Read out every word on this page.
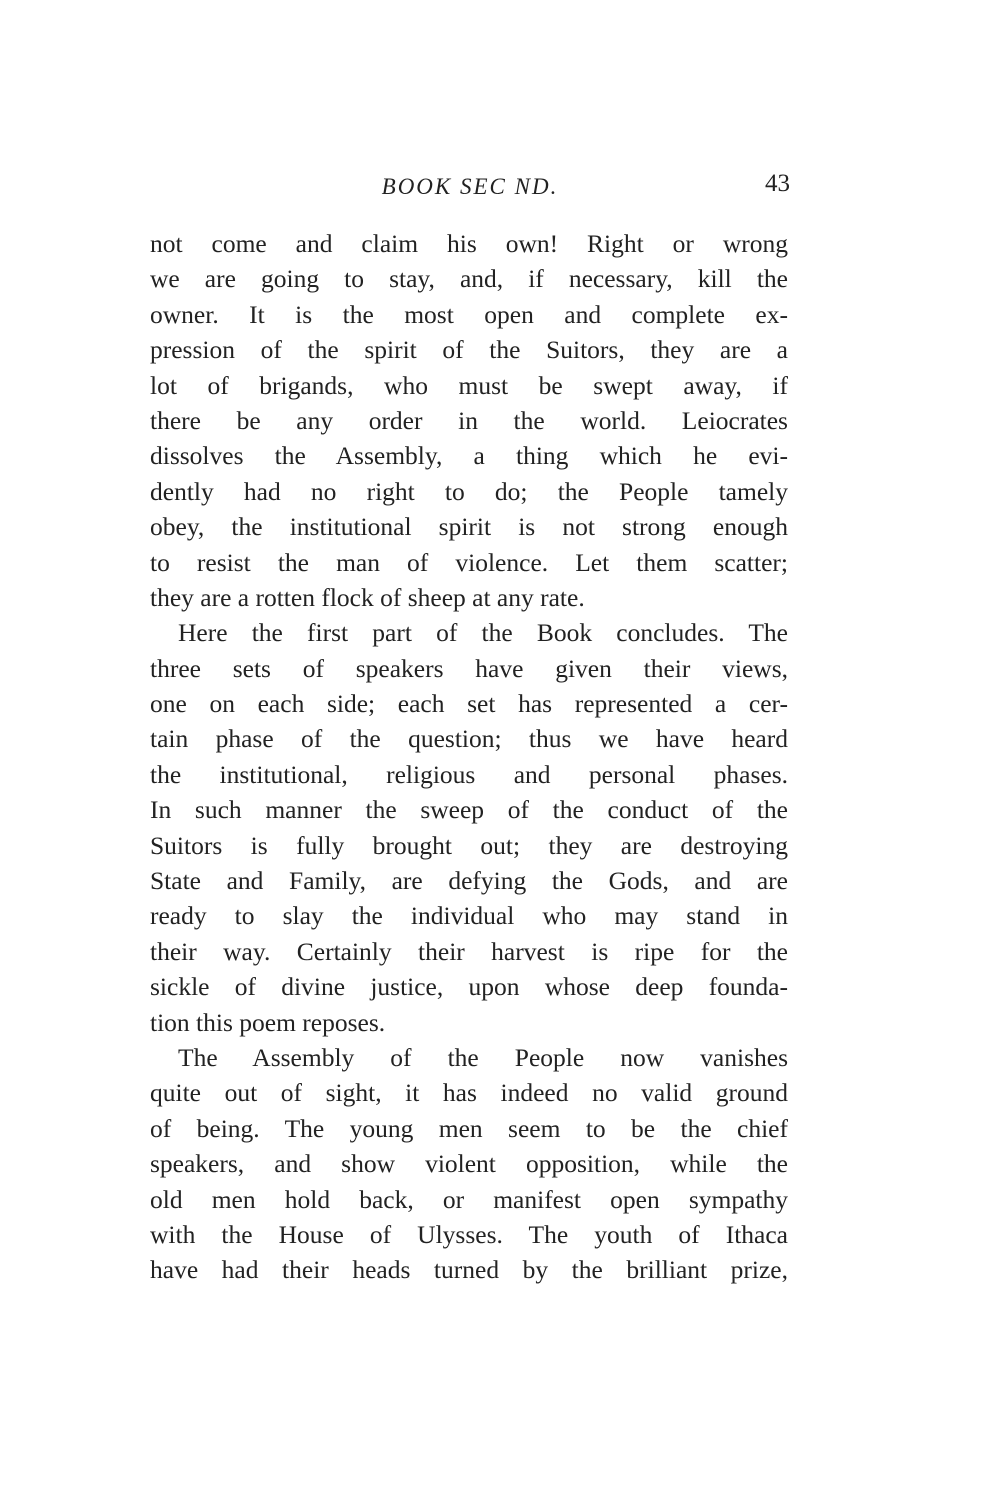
BOOK SEC ND.	43
not come and claim his own! Right or wrong
we are going to stay, and, if necessary, kill the
owner. It is the most open and complete ex-
pression of the spirit of the Suitors, they are a
lot of brigands, who must be swept away, if
there be any order in the world. Leiocrates
dissolves the Assembly, a thing which he evi-
dently had no right to do; the People tamely
obey, the institutional spirit is not strong enough
to resist the man of violence. Let them scatter;
they are a rotten flock of sheep at any rate.
Here the first part of the Book concludes. The
three sets of speakers have given their views,
one on each side; each set has represented a cer-
tain phase of the question; thus we have heard
the institutional, religious and personal phases.
In such manner the sweep of the conduct of the
Suitors is fully brought out; they are destroying
State and Family, are defying the Gods, and are
ready to slay the individual who may stand in
their way. Certainly their harvest is ripe for the
sickle of divine justice, upon whose deep founda-
tion this poem reposes.
The Assembly of the People now vanishes
quite out of sight, it has indeed no valid ground
of being. The young men seem to be the chief
speakers, and show violent opposition, while the
old men hold back, or manifest open sympathy
with the House of Ulysses. The youth of Ithaca
have had their heads turned by the brilliant prize,
